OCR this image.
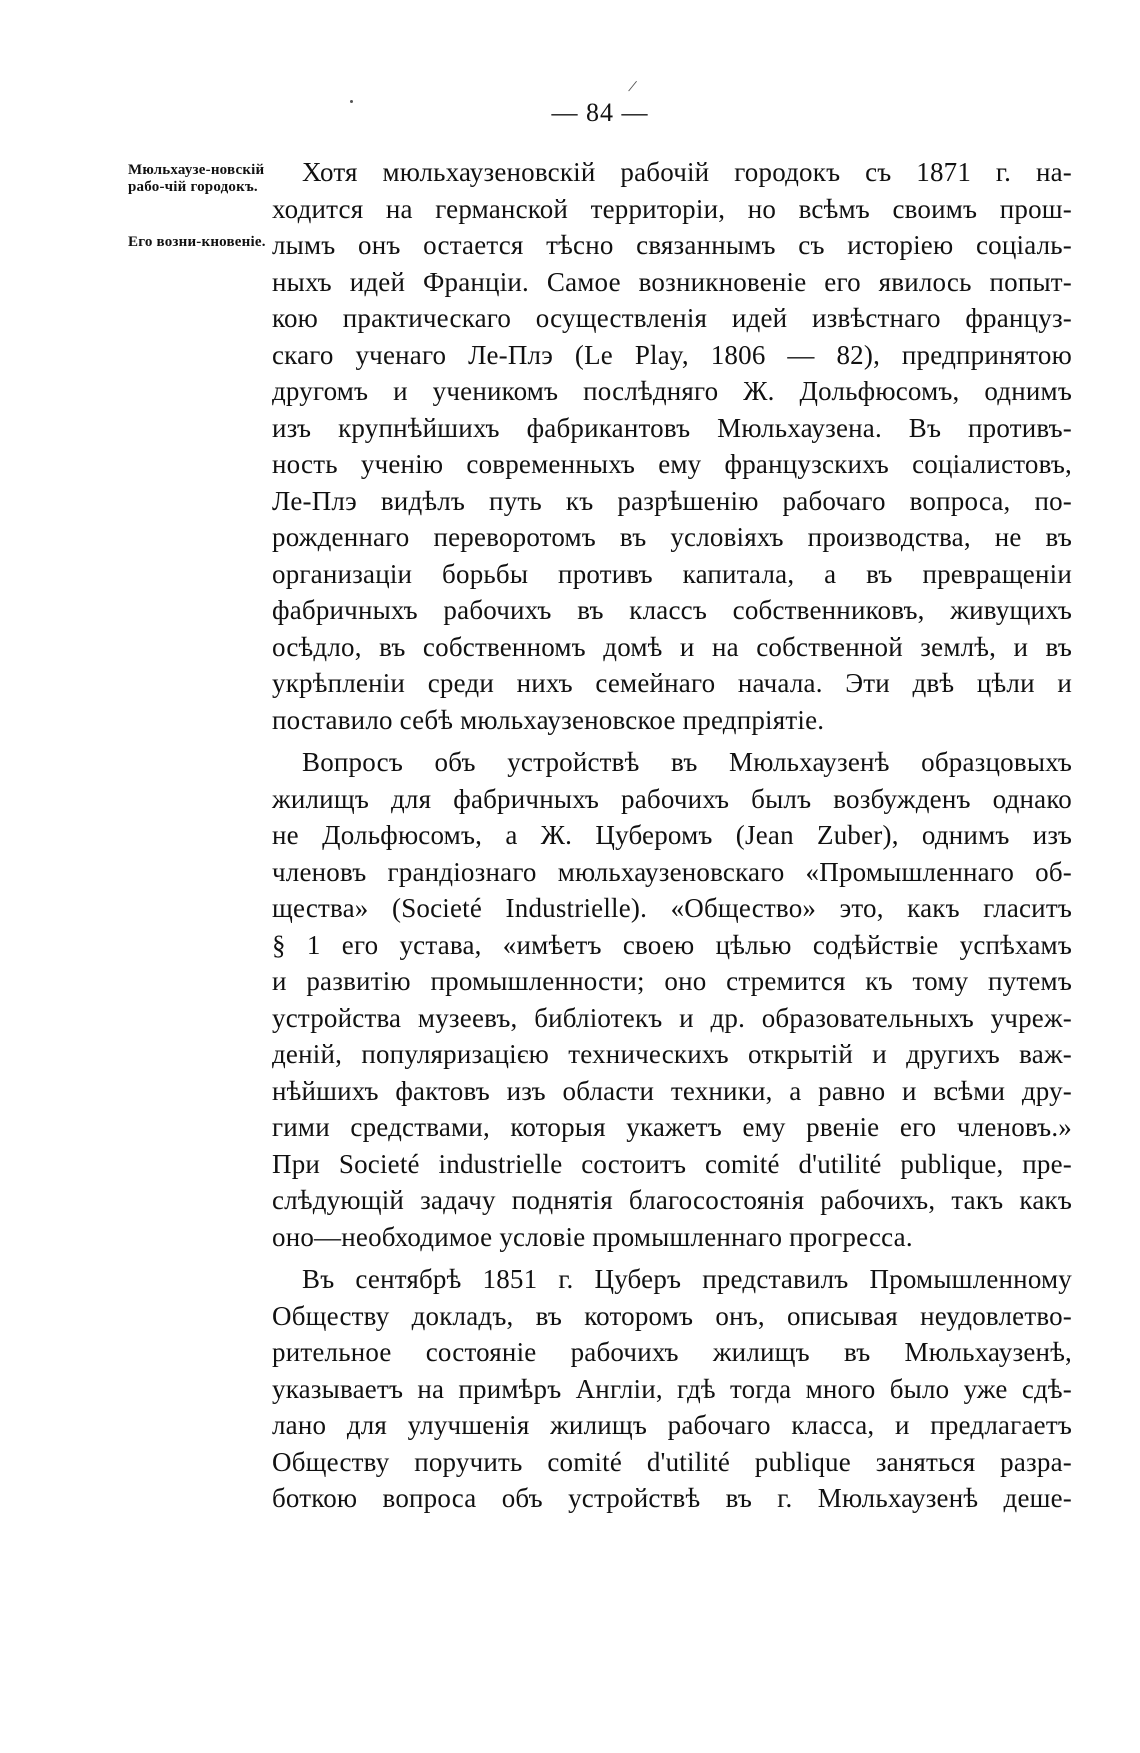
/
— 84 —
Мюльхаузе-новскій рабо-чій городокъ.
Его возни-кновеніе.
Хотя мюльхаузеновскій рабочій городокъ съ 1871 г. на-
ходится на германской территоріи, но всѣмъ своимъ прош-
лымъ онъ остается тѣсно связаннымъ съ исторіею соціаль-
ныхъ идей Франціи. Самое возникновеніе его явилось попыт-
кою практическаго осуществленія идей извѣстнаго француз-
скаго ученаго Ле-Плэ (Le Play, 1806 — 82), предпринятою
другомъ и ученикомъ послѣдняго Ж. Дольфюсомъ, однимъ
изъ крупнѣйшихъ фабрикантовъ Мюльхаузена. Въ противъ-
ность ученію современныхъ ему французскихъ соціалистовъ,
Ле-Плэ видѣлъ путь къ разрѣшенію рабочаго вопроса, по-
рожденнаго переворотомъ въ условіяхъ производства, не въ
организаціи борьбы противъ капитала, а въ превращеніи
фабричныхъ рабочихъ въ классъ собственниковъ, живущихъ
осѣдло, въ собственномъ домѣ и на собственной землѣ, и въ
укрѣпленіи среди нихъ семейнаго начала. Эти двѣ цѣли и
поставило себѣ мюльхаузеновское предпріятіе.
Вопросъ объ устройствѣ въ Мюльхаузенѣ образцовыхъ
жилищъ для фабричныхъ рабочихъ былъ возбужденъ однако
не Дольфюсомъ, а Ж. Цуберомъ (Jean Zuber), однимъ изъ
членовъ грандіознаго мюльхаузеновскаго «Промышленнаго об-
щества» (Societé Industrielle). «Общество» это, какъ гласитъ
§ 1 его устава, «имѣетъ своею цѣлью содѣйствіе успѣхамъ
и развитію промышленности; оно стремится къ тому путемъ
устройства музеевъ, библіотекъ и др. образовательныхъ учреж-
деній, популяризацією техническихъ открытій и другихъ важ-
нѣйшихъ фактовъ изъ области техники, а равно и всѣми дру-
гими средствами, которыя укажетъ ему рвеніе его членовъ.»
При Societé industrielle состоитъ comité d'utilité publique, пре-
слѣдующій задачу поднятія благосостоянія рабочихъ, такъ какъ
оно—необходимое условіе промышленнаго прогресса.
Въ сентябрѣ 1851 г. Цуберъ представилъ Промышленному
Обществу докладъ, въ которомъ онъ, описывая неудовлетво-
рительное состояніе рабочихъ жилищъ въ Мюльхаузенѣ,
указываетъ на примѣръ Англіи, гдѣ тогда много было уже сдѣ-
лано для улучшенія жилищъ рабочаго класса, и предлагаетъ
Обществу поручить comité d'utilité publique заняться разра-
боткою вопроса объ устройствѣ въ г. Мюльхаузенѣ деше-
